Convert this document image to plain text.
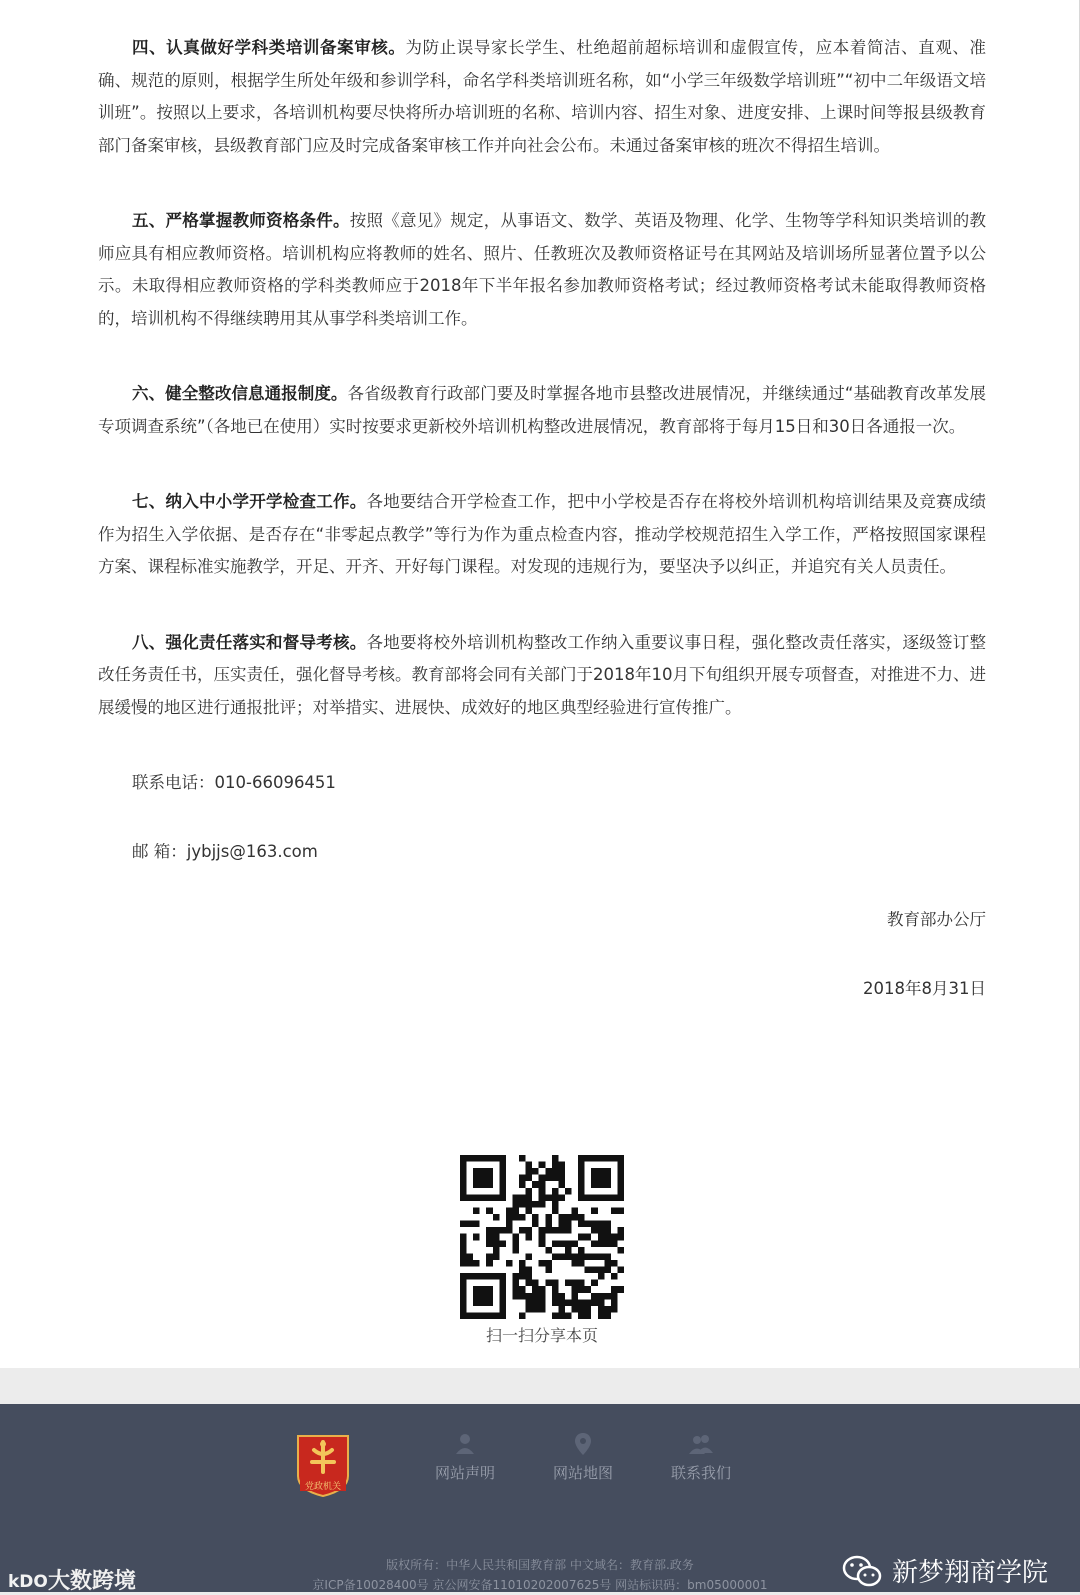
四、认真做好学科类培训备案审核。为防止误导家长学生、杜绝超前超标培训和虚假宣传，应本着简洁、直观、准确、规范的原则，根据学生所处年级和参训学科，命名学科类培训班名称，如“小学三年级数学培训班”“初中二年级语文培训班”。按照以上要求，各培训机构要尽快将所办培训班的名称、培训内容、招生对象、进度安排、上课时间等报县级教育部门备案审核，县级教育部门应及时完成备案审核工作并向社会公布。未通过备案审核的班次不得招生培训。

五、严格掌握教师资格条件。按照《意见》规定，从事语文、数学、英语及物理、化学、生物等学科知识类培训的教师应具有相应教师资格。培训机构应将教师的姓名、照片、任教班次及教师资格证号在其网站及培训场所显著位置予以公示。未取得相应教师资格的学科类教师应于2018年下半年报名参加教师资格考试；经过教师资格考试未能取得教师资格的，培训机构不得继续聘用其从事学科类培训工作。

六、健全整改信息通报制度。各省级教育行政部门要及时掌握各地市县整改进展情况，并继续通过“基础教育改革发展专项调查系统”（各地已在使用）实时按要求更新校外培训机构整改进展情况，教育部将于每月15日和30日各通报一次。

七、纳入中小学开学检查工作。各地要结合开学检查工作，把中小学校是否存在将校外培训机构培训结果及竞赛成绩作为招生入学依据、是否存在“非零起点教学”等行为作为重点检查内容，推动学校规范招生入学工作，严格按照国家课程方案、课程标准实施教学，开足、开齐、开好每门课程。对发现的违规行为，要坚决予以纠正，并追究有关人员责任。

八、强化责任落实和督导考核。各地要将校外培训机构整改工作纳入重要议事日程，强化整改责任落实，逐级签订整改任务责任书，压实责任，强化督导考核。教育部将会同有关部门于2018年10月下旬组织开展专项督查，对推进不力、进展缓慢的地区进行通报批评；对举措实、进展快、成效好的地区典型经验进行宣传推广。

联系电话：010-66096451

邮 箱：jybjjs@163.com

教育部办公厅

2018年8月31日

扫一扫分享本页
党政机关
网站声明	网站地图	联系我们
版权所有：中华人民共和国教育部 中文域名：教育部.政务
京ICP备10028400号 京公网安备11010202007625号 网站标识码：bm05000001
kDO 大数跨境	新梦翔商学院
